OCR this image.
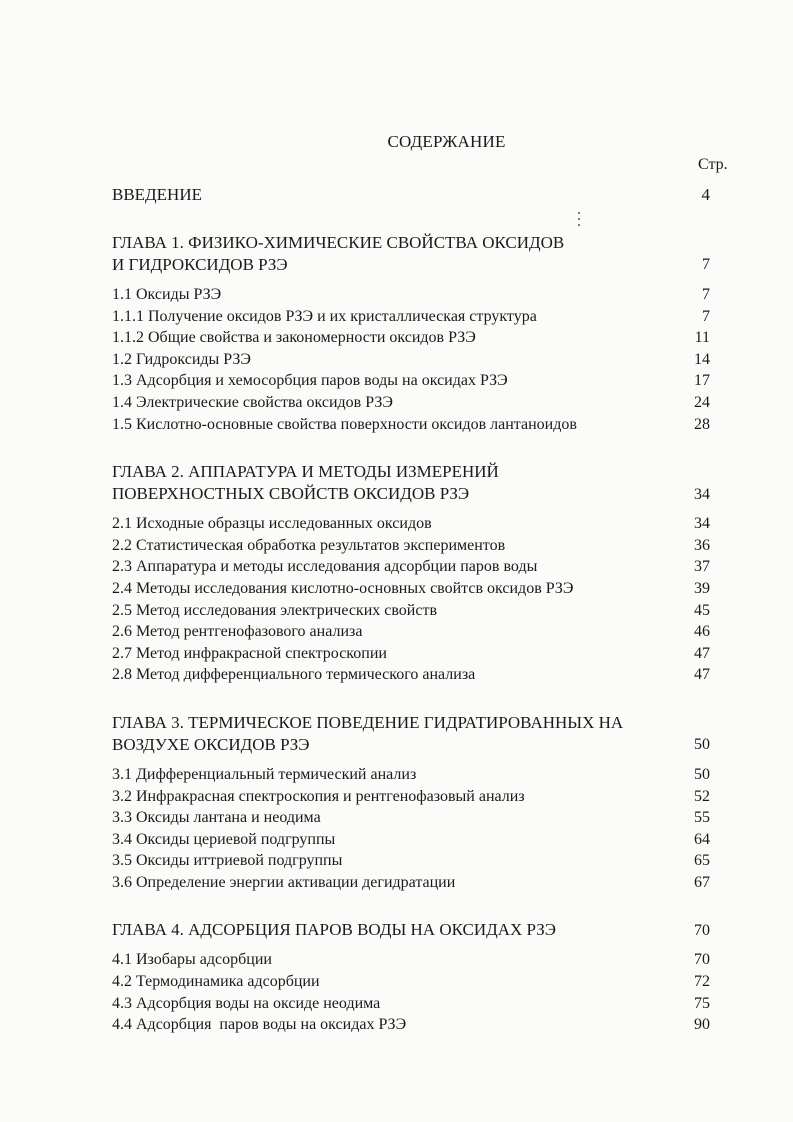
СОДЕРЖАНИЕ
Стр.
ВВЕДЕНИЕ	4
ГЛАВА 1. ФИЗИКО-ХИМИЧЕСКИЕ СВОЙСТВА ОКСИДОВ
И ГИДРОКСИДОВ РЗЭ	7
1.1 Оксиды РЗЭ	7
1.1.1 Получение оксидов РЗЭ и их кристаллическая структура	7
1.1.2 Общие свойства и закономерности оксидов РЗЭ	11
1.2 Гидроксиды РЗЭ	14
1.3 Адсорбция и хемосорбция паров воды на оксидах РЗЭ	17
1.4 Электрические свойства оксидов РЗЭ	24
1.5 Кислотно-основные свойства поверхности оксидов лантаноидов	28
ГЛАВА 2. АППАРАТУРА И МЕТОДЫ ИЗМЕРЕНИЙ
ПОВЕРХНОСТНЫХ СВОЙСТВ ОКСИДОВ РЗЭ	34
2.1 Исходные образцы исследованных оксидов	34
2.2 Статистическая обработка результатов экспериментов	36
2.3 Аппаратура и методы исследования адсорбции паров воды	37
2.4 Методы исследования кислотно-основных свойтсв оксидов РЗЭ	39
2.5 Метод исследования электрических свойств	45
2.6 Метод рентгенофазового анализа	46
2.7 Метод инфракрасной спектроскопии	47
2.8 Метод дифференциального термического анализа	47
ГЛАВА 3. ТЕРМИЧЕСКОЕ ПОВЕДЕНИЕ ГИДРАТИРОВАННЫХ НА
ВОЗДУХЕ ОКСИДОВ РЗЭ	50
3.1 Дифференциальный термический анализ	50
3.2 Инфракрасная спектроскопия и рентгенофазовый анализ	52
3.3 Оксиды лантана и неодима	55
3.4 Оксиды цериевой подгруппы	64
3.5 Оксиды иттриевой подгруппы	65
3.6 Определение энергии активации дегидратации	67
ГЛАВА 4. АДСОРБЦИЯ ПАРОВ ВОДЫ НА ОКСИДАХ РЗЭ	70
4.1 Изобары адсорбции	70
4.2 Термодинамика адсорбции	72
4.3 Адсорбция воды на оксиде неодима	75
4.4 Адсорбция  паров воды на оксидах РЗЭ	90
